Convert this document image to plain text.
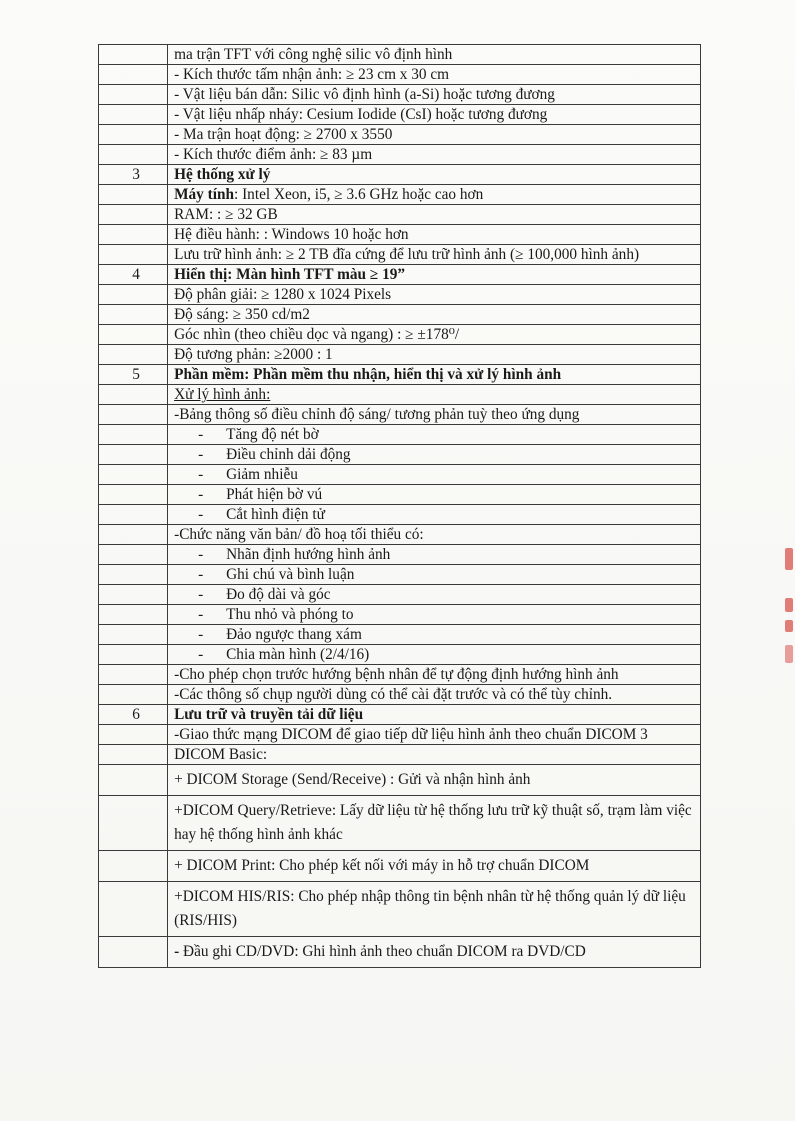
	ma trận TFT với công nghệ silic vô định hình
	- Kích thước tấm nhận ảnh: ≥ 23 cm x 30 cm
	- Vật liệu bán dẫn: Silic vô định hình (a-Si) hoặc tương đương
	- Vật liệu nhấp nháy: Cesium Iodide (CsI) hoặc tương đương
	- Ma trận hoạt động: ≥ 2700 x 3550
	- Kích thước điểm ảnh: ≥ 83 µm
3	Hệ thống xử lý
	Máy tính: Intel Xeon, i5, ≥ 3.6 GHz hoặc cao hơn
	RAM: : ≥ 32 GB
	Hệ điều hành: : Windows 10 hoặc hơn
	Lưu trữ hình ảnh: ≥ 2 TB đĩa cứng để lưu trữ hình ảnh (≥ 100,000 hình ảnh)
4	Hiển thị: Màn hình TFT màu ≥ 19”
	Độ phân giải: ≥ 1280 x 1024 Pixels
	Độ sáng: ≥ 350 cd/m2
	Góc nhìn (theo chiều dọc và ngang) : ≥ ±178⁰/
	Độ tương phản: ≥2000 : 1
5	Phần mềm: Phần mềm thu nhận, hiển thị và xử lý hình ảnh
	Xử lý hình ảnh:
	-Bảng thông số điều chỉnh độ sáng/ tương phản tuỳ theo ứng dụng

	- Tăng độ nét bờ

	- Điều chỉnh dải động

	- Giảm nhiễu

	- Phát hiện bờ vú

	- Cắt hình điện tử

	-Chức năng văn bản/ đồ hoạ tối thiểu có:

	- Nhãn định hướng hình ảnh

	- Ghi chú và bình luận

	- Đo độ dài và góc

	- Thu nhỏ và phóng to

	- Đảo ngược thang xám

	- Chia màn hình (2/4/16)

	-Cho phép chọn trước hướng bệnh nhân để tự động định hướng hình ảnh
	-Các thông số chụp người dùng có thể cài đặt trước và có thể tùy chỉnh.
6	Lưu trữ và truyền tải dữ liệu
	-Giao thức mạng DICOM để giao tiếp dữ liệu hình ảnh theo chuẩn DICOM 3
	DICOM Basic:
	+ DICOM Storage (Send/Receive) : Gửi và nhận hình ảnh
	+DICOM Query/Retrieve: Lấy dữ liệu từ hệ thống lưu trữ kỹ thuật số, trạm làm việc hay hệ thống hình ảnh khác
	+ DICOM Print: Cho phép kết nối với máy in hỗ trợ chuẩn DICOM
	+DICOM HIS/RIS: Cho phép nhập thông tin bệnh nhân từ hệ thống quản lý dữ liệu (RIS/HIS)
	- Đầu ghi CD/DVD: Ghi hình ảnh theo chuẩn DICOM ra DVD/CD
